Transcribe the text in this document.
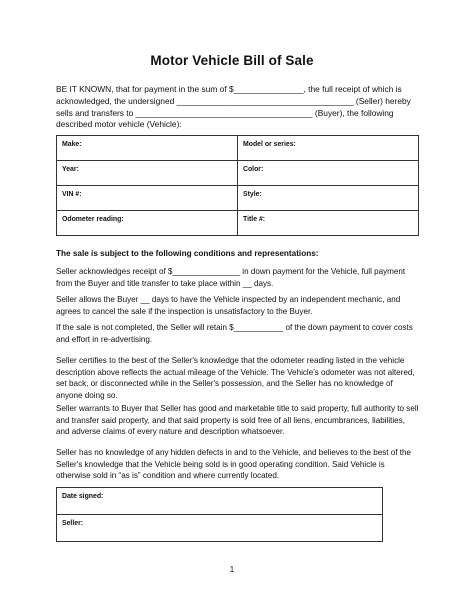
Motor Vehicle Bill of Sale
BE IT KNOWN, that for payment in the sum of $_______________, the full receipt of which is
acknowledged, the undersigned ______________________________________ (Seller) hereby
sells and transfers to ______________________________________ (Buyer), the following
described motor vehicle (Vehicle):
Make:	Model or series:
Year:	Color:
VIN #:	Style:
Odometer reading:	Title #:
The sale is subject to the following conditions and representations:
Seller acknowledges receipt of $_______________ in down payment for the Vehicle, full payment from the Buyer and title transfer to take place within __ days.
Seller allows the Buyer __ days to have the Vehicle inspected by an independent mechanic, and agrees to cancel the sale if the inspection is unsatisfactory to the Buyer.
If the sale is not completed, the Seller will retain $___________ of the down payment to cover costs and effort in re-advertising.
Seller certifies to the best of the Seller's knowledge that the odometer reading listed in the vehicle description above reflects the actual mileage of the Vehicle. The Vehicle's odometer was not altered, set back, or disconnected while in the Seller's possession, and the Seller has no knowledge of anyone doing so.
Seller warrants to Buyer that Seller has good and marketable title to said property, full authority to sell and transfer said property, and that said property is sold free of all liens, encumbrances, liabilities, and adverse claims of every nature and description whatsoever.
Seller has no knowledge of any hidden defects in and to the Vehicle, and believes to the best of the Seller's knowledge that the Vehicle being sold is in good operating condition. Said Vehicle is otherwise sold in “as is” condition and where currently located.
Date signed:
Seller:
1
